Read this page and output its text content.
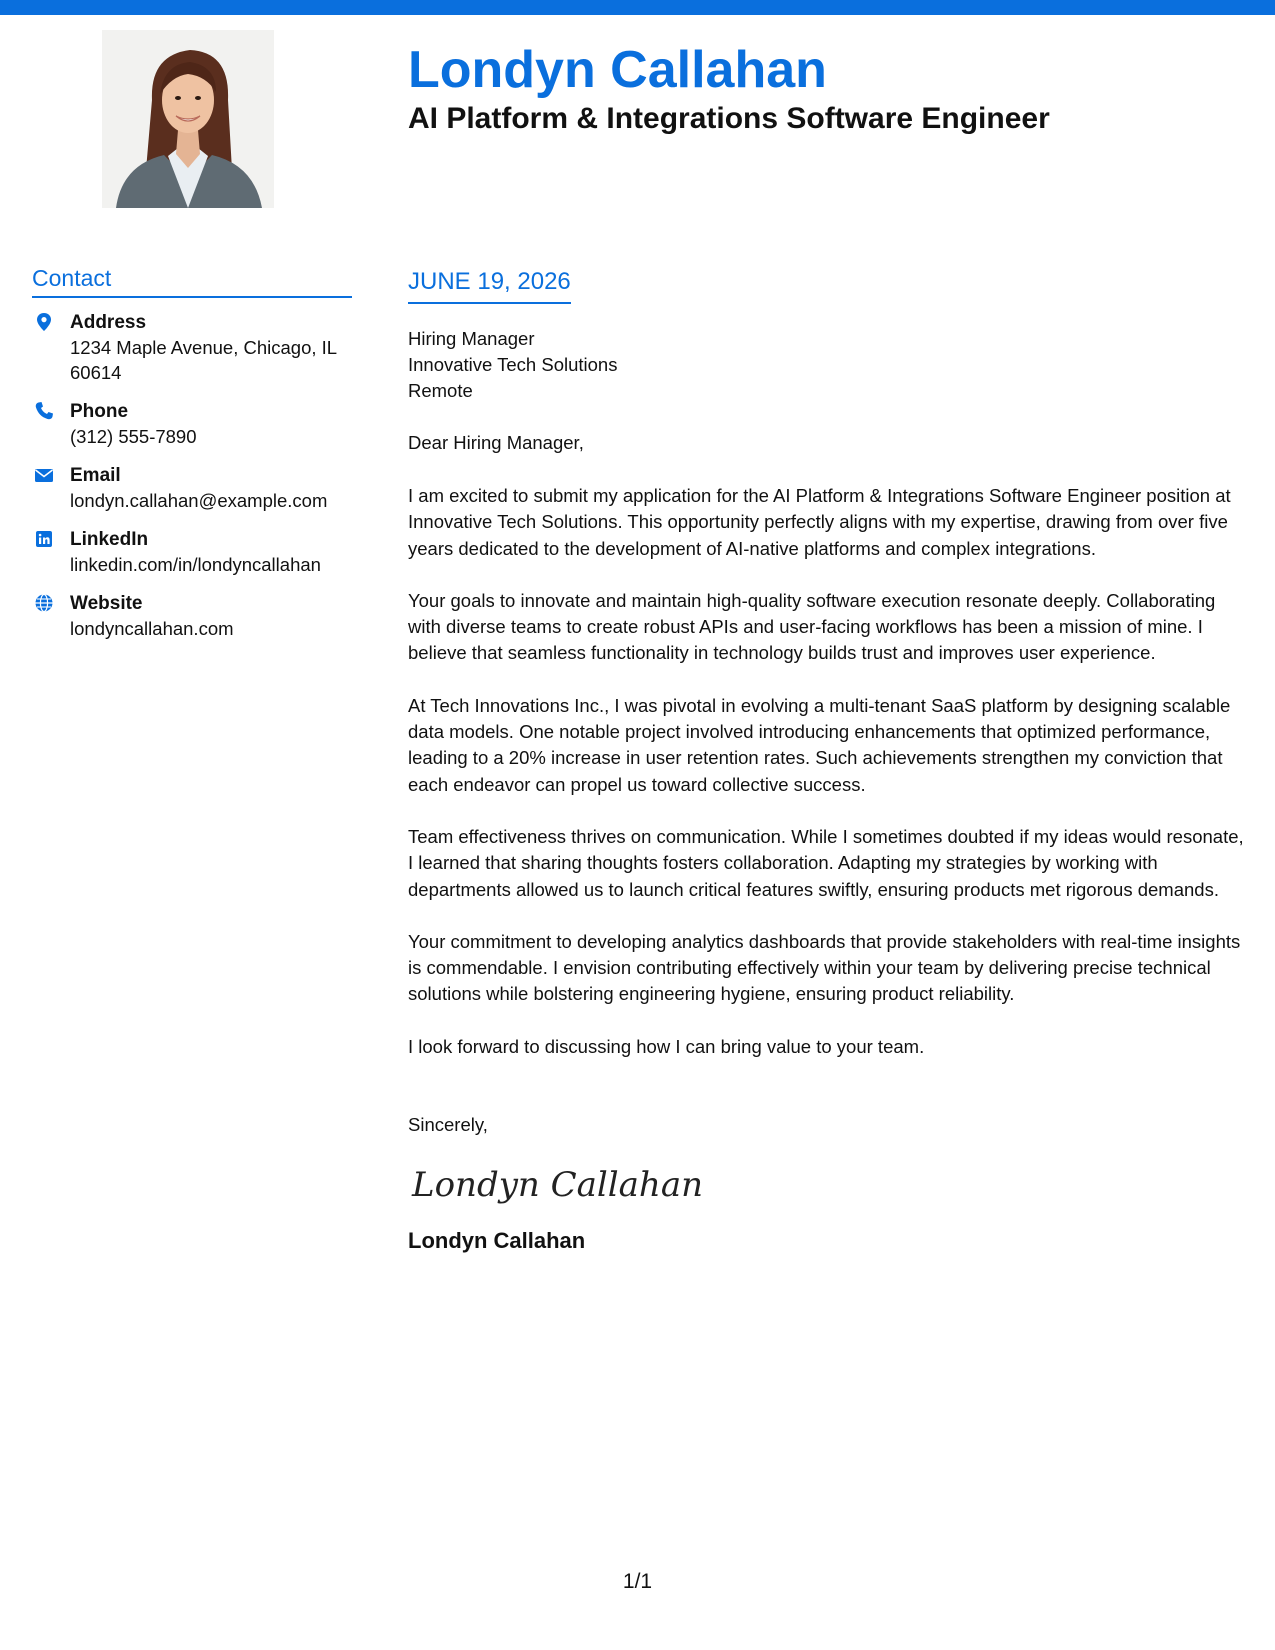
Londyn Callahan
AI Platform & Integrations Software Engineer
Contact
Address
1234 Maple Avenue, Chicago, IL 60614
Phone
(312) 555-7890
Email
londyn.callahan@example.com
LinkedIn
linkedin.com/in/londyncallahan
Website
londyncallahan.com
JUNE 19, 2026
Hiring Manager
Innovative Tech Solutions
Remote
Dear Hiring Manager,

I am excited to submit my application for the AI Platform & Integrations Software Engineer position at Innovative Tech Solutions. This opportunity perfectly aligns with my expertise, drawing from over five years dedicated to the development of AI-native platforms and complex integrations.

Your goals to innovate and maintain high-quality software execution resonate deeply. Collaborating with diverse teams to create robust APIs and user-facing workflows has been a mission of mine. I believe that seamless functionality in technology builds trust and improves user experience.

At Tech Innovations Inc., I was pivotal in evolving a multi-tenant SaaS platform by designing scalable data models. One notable project involved introducing enhancements that optimized performance, leading to a 20% increase in user retention rates. Such achievements strengthen my conviction that each endeavor can propel us toward collective success.

Team effectiveness thrives on communication. While I sometimes doubted if my ideas would resonate, I learned that sharing thoughts fosters collaboration. Adapting my strategies by working with departments allowed us to launch critical features swiftly, ensuring products met rigorous demands.

Your commitment to developing analytics dashboards that provide stakeholders with real-time insights is commendable. I envision contributing effectively within your team by delivering precise technical solutions while bolstering engineering hygiene, ensuring product reliability.

I look forward to discussing how I can bring value to your team.

Sincerely,
Londyn Callahan
Londyn Callahan
1/1
